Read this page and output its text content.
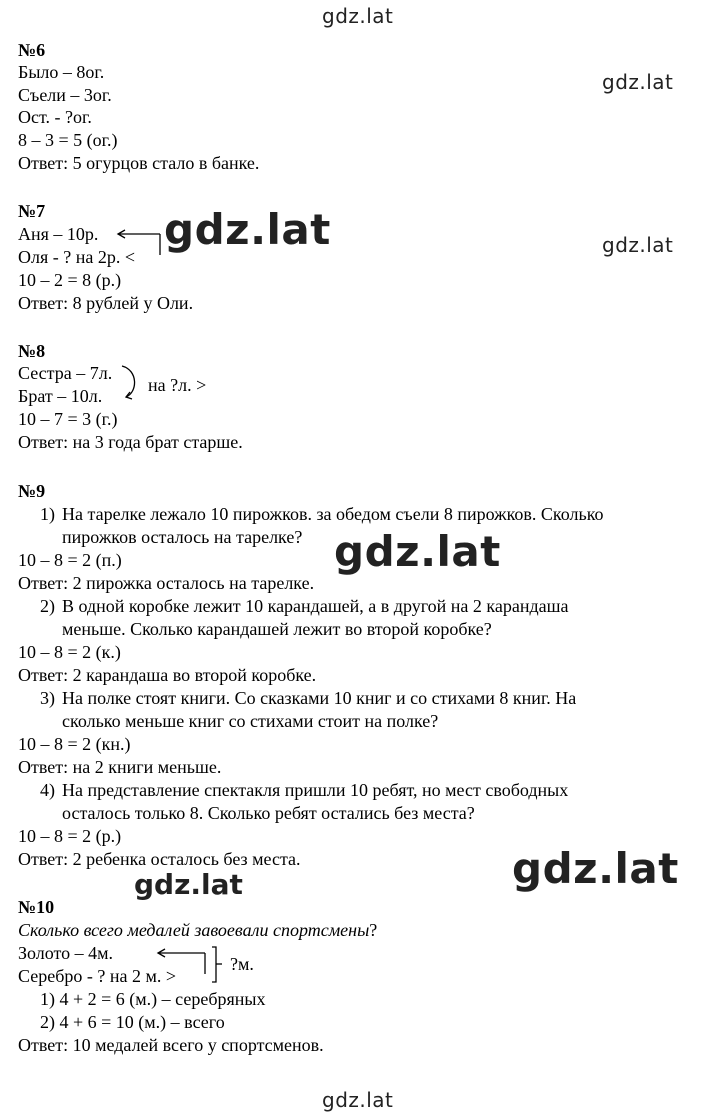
gdz.lat
gdz.lat
gdz.lat
gdz.lat
gdz.lat
gdz.lat
gdz.lat
gdz.lat
№6
Было – 8ог.
Съели – 3ог.
Ост. - ?ог.
8 – 3 = 5 (ог.)
Ответ: 5 огурцов стало в банке.
№7
Аня – 10р.
Оля - ? на 2р. <
10 – 2 = 8 (р.)
Ответ: 8 рублей у Оли.
№8
Сестра – 7л.
Брат – 10л.
на ?л. >
10 – 7 = 3 (г.)
Ответ: на 3 года брат старше.
№9
1) На тарелке лежало 10 пирожков. за обедом съели 8 пирожков. Сколько
пирожков осталось на тарелке?
10 – 8 = 2 (п.)
Ответ: 2 пирожка осталось на тарелке.
2) В одной коробке лежит 10 карандашей, а в другой на 2 карандаша
меньше. Сколько карандашей лежит во второй коробке?
10 – 8 = 2 (к.)
Ответ: 2 карандаша во второй коробке.
3) На полке стоят книги. Со сказками 10 книг и со стихами 8 книг. На
сколько меньше книг со стихами стоит на полке?
10 – 8 = 2 (кн.)
Ответ: на 2 книги меньше.
4) На представление спектакля пришли 10 ребят, но мест свободных
осталось только 8. Сколько ребят остались без места?
10 – 8 = 2 (р.)
Ответ: 2 ребенка осталось без места.
№10
Сколько всего медалей завоевали спортсмены?
Золото – 4м.
Серебро - ? на 2 м. >
?м.
1) 4 + 2 = 6 (м.) – серебряных
2) 4 + 6 = 10 (м.) – всего
Ответ: 10 медалей всего у спортсменов.
